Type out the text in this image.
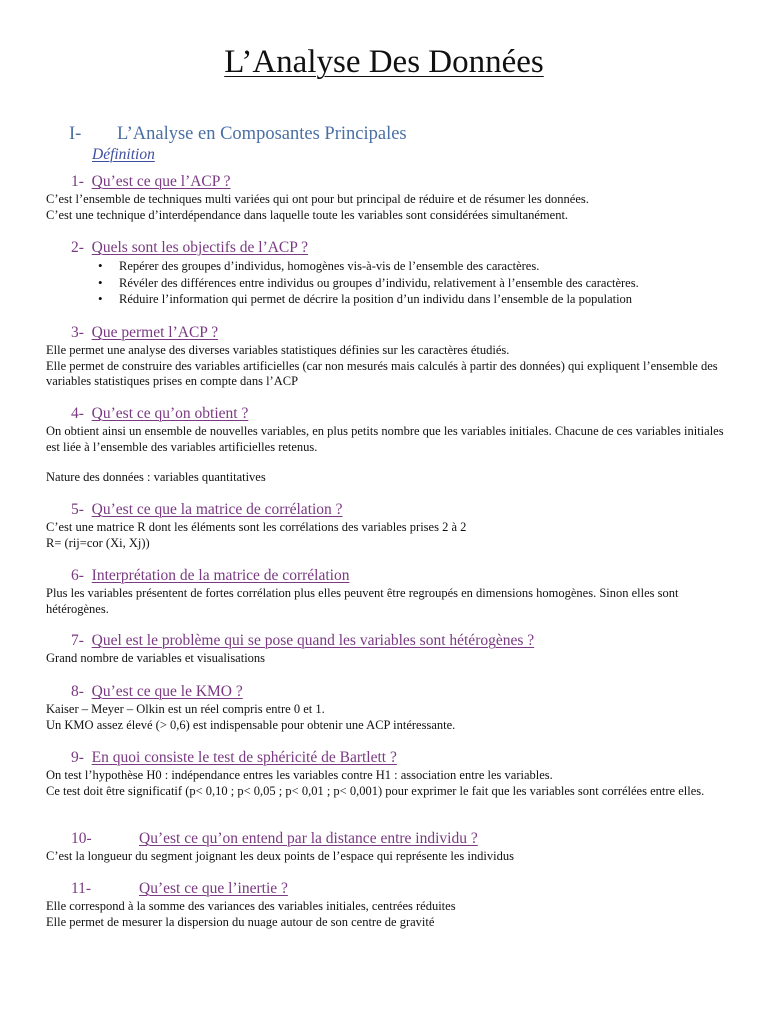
L’Analyse Des Données
I- L’Analyse en Composantes Principales
Définition
1- Qu’est ce que l’ACP ?

C’est l’ensemble de techniques multi variées qui ont pour but principal de réduire et de résumer les données.

C’est une technique d’interdépendance dans laquelle toute les variables sont considérées simultanément.

2- Quels sont les objectifs de l’ACP ?
• Repérer des groupes d’individus, homogènes vis-à-vis de l’ensemble des caractères.
• Révéler des différences entre individus ou groupes d’individu, relativement à l’ensemble des caractères.
• Réduire l’information qui permet de décrire la position d’un individu dans l’ensemble de la population
3- Que permet l’ACP ?

Elle permet une analyse des diverses variables statistiques définies sur les caractères étudiés.

Elle permet de construire des variables artificielles (car non mesurés mais calculés à partir des données) qui expliquent l’ensemble des variables statistiques prises en compte dans l’ACP

4- Qu’est ce qu’on obtient ?

On obtient ainsi un ensemble de nouvelles variables, en plus petits nombre que les variables initiales. Chacune de ces variables initiales est liée à l’ensemble des variables artificielles retenus.

Nature des données : variables quantitatives

5- Qu’est ce que la matrice de corrélation ?

C’est une matrice R dont les éléments sont les corrélations des variables prises 2 à 2

R= (rij=cor (Xi, Xj))

6- Interprétation de la matrice de corrélation

Plus les variables présentent de fortes corrélation plus elles peuvent être regroupés en dimensions homogènes. Sinon elles sont hétérogènes.

7- Quel est le problème qui se pose quand les variables sont hétérogènes ?

Grand nombre de variables et visualisations

8- Qu’est ce que le KMO ?

Kaiser – Meyer – Olkin est un réel compris entre 0 et 1.

Un KMO assez élevé (> 0,6) est indispensable pour obtenir une ACP intéressante.

9- En quoi consiste le test de sphéricité de Bartlett ?

On test l’hypothèse H0 : indépendance entres les variables contre H1 : association entre les variables.

Ce test doit être significatif (p< 0,10 ; p< 0,05 ; p< 0,01 ; p< 0,001) pour exprimer le fait que les variables sont corrélées entre elles.

10-	Qu’est ce qu’on entend par la distance entre individu ?

C’est la longueur du segment joignant les deux points de l’espace qui représente les individus

11-	Qu’est ce que l’inertie ?

Elle correspond à la somme des variances des variables initiales, centrées réduites

Elle permet de mesurer la dispersion du nuage autour de son centre de gravité
